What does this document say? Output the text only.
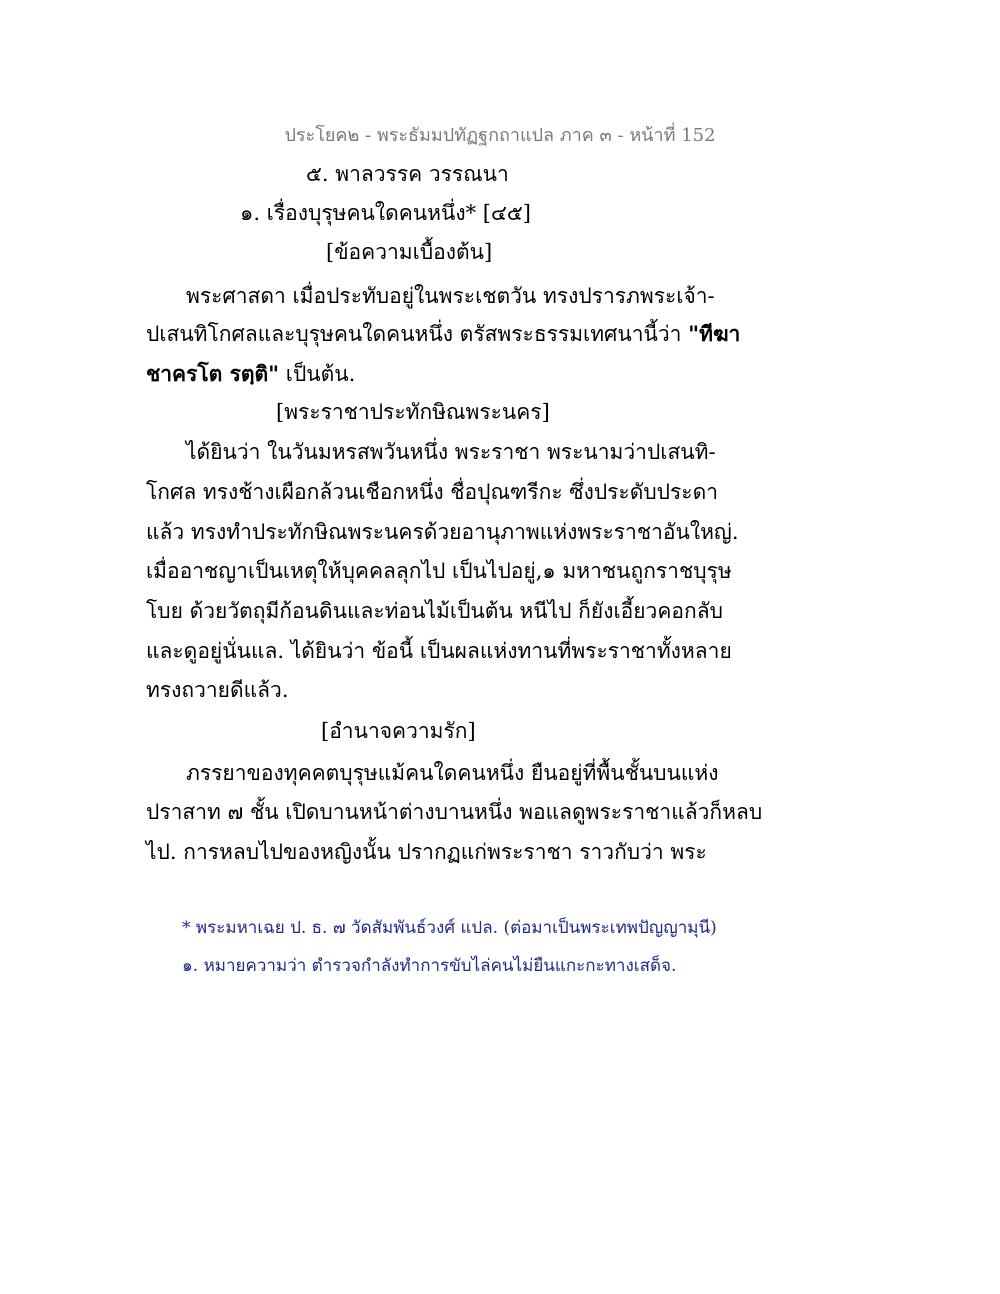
ประโยค๒ - พระธัมมปทัฏฐกถาแปล ภาค ๓ - หน้าที่ 152
๕. พาลวรรค วรรณนา
๑. เรื่องบุรุษคนใดคนหนึ่ง* [๔๕]
[ข้อความเบื้องต้น]
พระศาสดา เมื่อประทับอยู่ในพระเชตวัน ทรงปรารภพระเจ้า-
ปเสนทิโกศลและบุรุษคนใดคนหนึ่ง ตรัสพระธรรมเทศนานี้ว่า "ทีฆา
ชาครโต รตฺติ" เป็นต้น.
[พระราชาประทักษิณพระนคร]
ได้ยินว่า ในวันมหรสพวันหนึ่ง พระราชา พระนามว่าปเสนทิ-
โกศล ทรงช้างเผือกล้วนเชือกหนึ่ง ชื่อปุณฑรีกะ ซึ่งประดับประดา
แล้ว ทรงทำประทักษิณพระนครด้วยอานุภาพแห่งพระราชาอันใหญ่.
เมื่ออาชญาเป็นเหตุให้บุคคลลุกไป เป็นไปอยู่,๑ มหาชนถูกราชบุรุษ
โบย ด้วยวัตถุมีก้อนดินและท่อนไม้เป็นต้น หนีไป ก็ยังเอี้ยวคอกลับ
และดูอยู่นั่นแล. ได้ยินว่า ข้อนี้ เป็นผลแห่งทานที่พระราชาทั้งหลาย
ทรงถวายดีแล้ว.
[อำนาจความรัก]
ภรรยาของทุคคตบุรุษแม้คนใดคนหนึ่ง ยืนอยู่ที่พื้นชั้นบนแห่ง
ปราสาท ๗ ชั้น เปิดบานหน้าต่างบานหนึ่ง พอแลดูพระราชาแล้วก็หลบ
ไป. การหลบไปของหญิงนั้น ปรากฏแก่พระราชา ราวกับว่า พระ
* พระมหาเฉย ป. ธ. ๗ วัดสัมพันธ์วงศ์ แปล. (ต่อมาเป็นพระเทพปัญญามุนี)
๑. หมายความว่า ตำรวจกำลังทำการขับไล่คนไม่ยืนแกะกะทางเสด็จ.
